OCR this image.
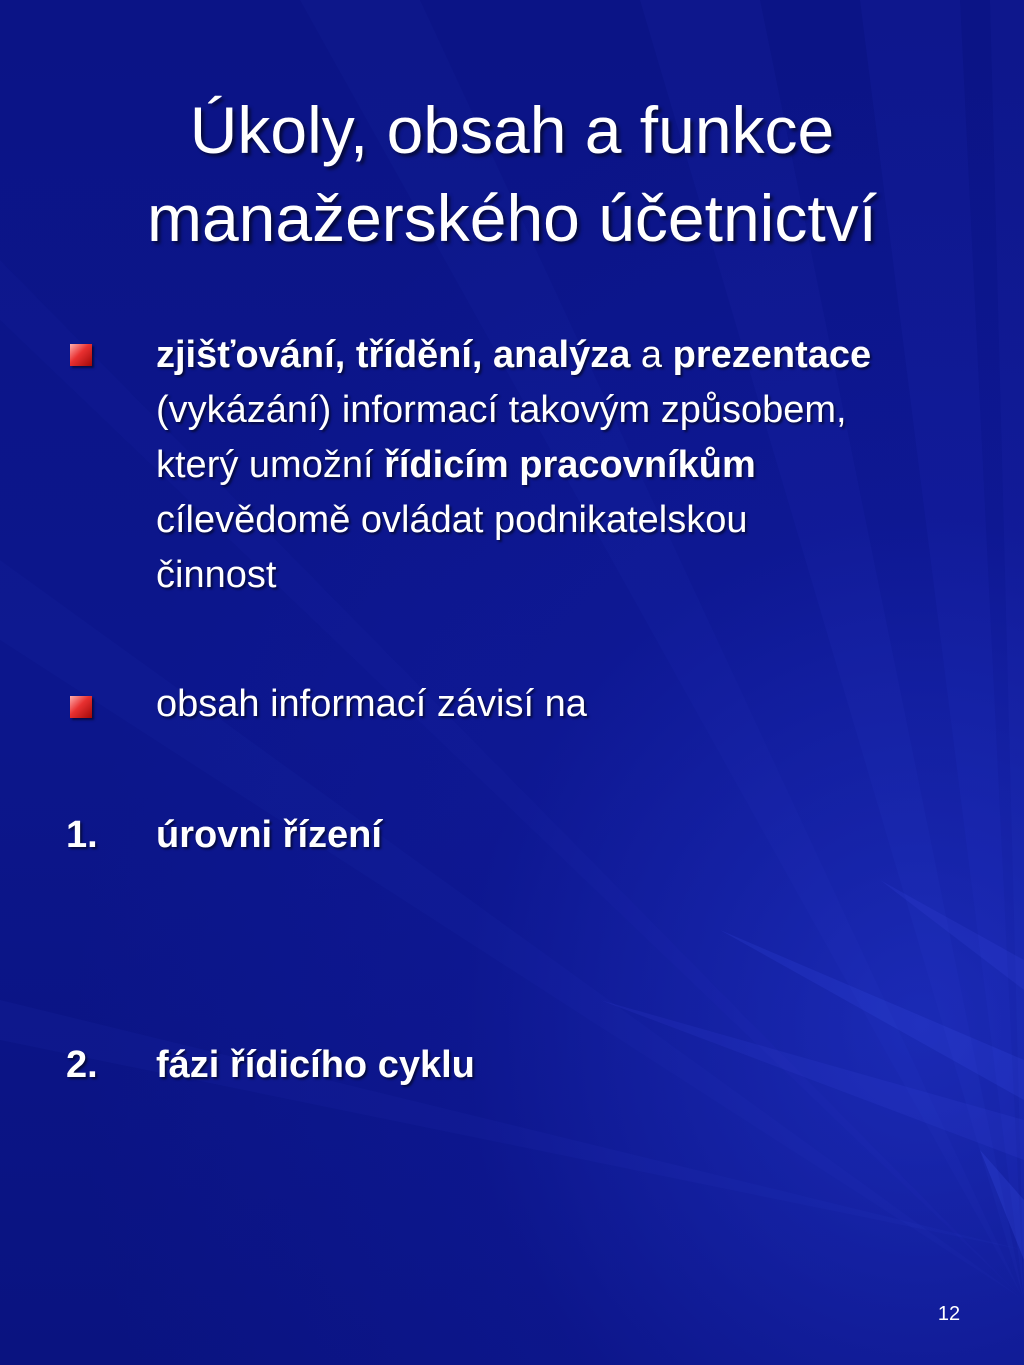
Úkoly, obsah a funkce
manažerského účetnictví
zjišťování, třídění, analýza a prezentace (vykázání) informací takovým způsobem, který umožní řídicím pracovníkům cílevědomě ovládat podnikatelskou činnost
obsah informací závisí na
1. úrovni řízení
2. fázi řídicího cyklu
12
